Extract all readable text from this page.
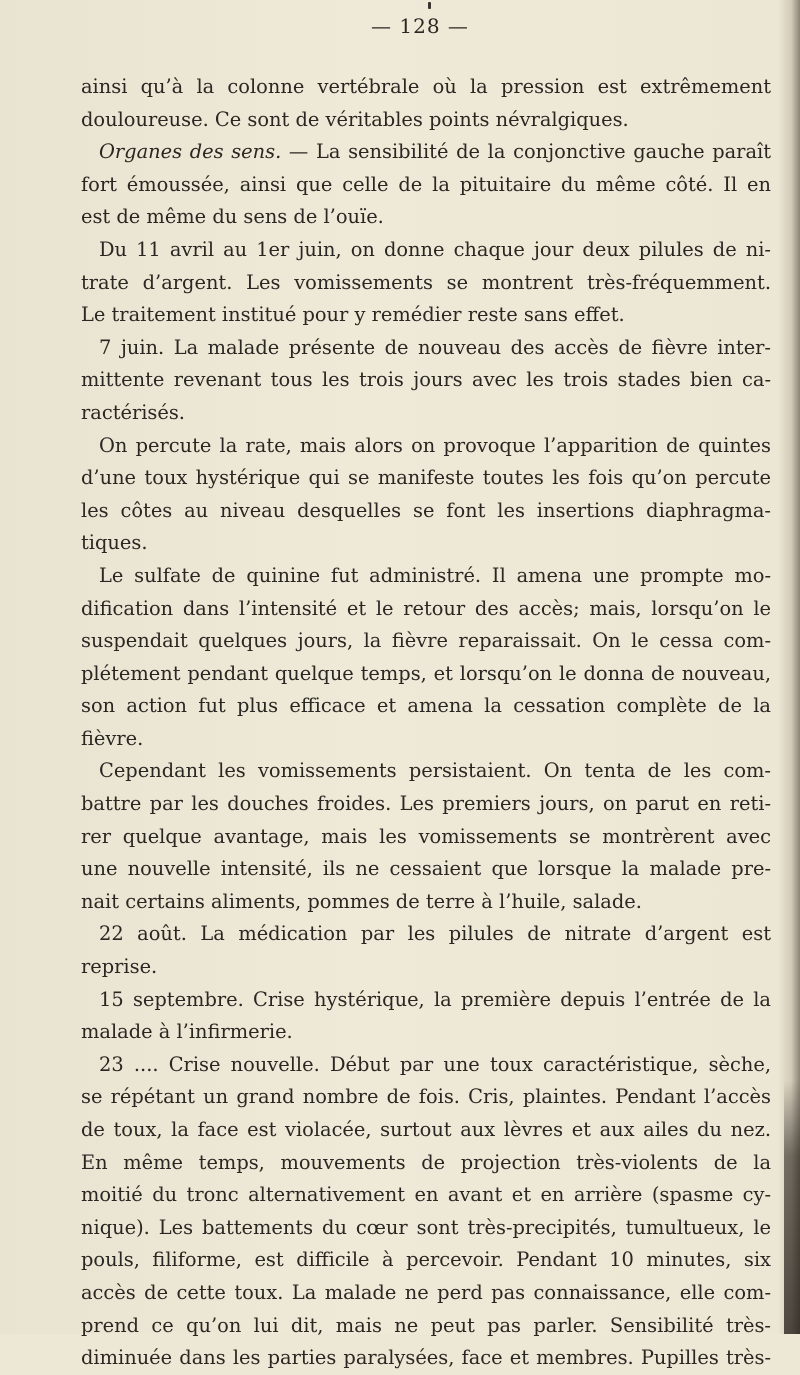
— 128 —
ainsi qu’à la colonne vertébrale où la pression est extrêmement
douloureuse. Ce sont de véritables points névralgiques.
Organes des sens. — La sensibilité de la conjonctive gauche paraît
fort émoussée, ainsi que celle de la pituitaire du même côté. Il en
est de même du sens de l’ouïe.
Du 11 avril au 1er juin, on donne chaque jour deux pilules de ni-
trate d’argent. Les vomissements se montrent très-fréquemment.
Le traitement institué pour y remédier reste sans effet.
7 juin. La malade présente de nouveau des accès de fièvre inter-
mittente revenant tous les trois jours avec les trois stades bien ca-
ractérisés.
On percute la rate, mais alors on provoque l’apparition de quintes
d’une toux hystérique qui se manifeste toutes les fois qu’on percute
les côtes au niveau desquelles se font les insertions diaphragma-
tiques.
Le sulfate de quinine fut administré. Il amena une prompte mo-
dification dans l’intensité et le retour des accès; mais, lorsqu’on le
suspendait quelques jours, la fièvre reparaissait. On le cessa com-
plétement pendant quelque temps, et lorsqu’on le donna de nouveau,
son action fut plus efficace et amena la cessation complète de la
fièvre.
Cependant les vomissements persistaient. On tenta de les com-
battre par les douches froides. Les premiers jours, on parut en reti-
rer quelque avantage, mais les vomissements se montrèrent avec
une nouvelle intensité, ils ne cessaient que lorsque la malade pre-
nait certains aliments, pommes de terre à l’huile, salade.
22 août. La médication par les pilules de nitrate d’argent est
reprise.
15 septembre. Crise hystérique, la première depuis l’entrée de la
malade à l’infirmerie.
23 .... Crise nouvelle. Début par une toux caractéristique, sèche,
se répétant un grand nombre de fois. Cris, plaintes. Pendant l’accès
de toux, la face est violacée, surtout aux lèvres et aux ailes du nez.
En même temps, mouvements de projection très-violents de la
moitié du tronc alternativement en avant et en arrière (spasme cy-
nique). Les battements du cœur sont très-precipités, tumultueux, le
pouls, filiforme, est difficile à percevoir. Pendant 10 minutes, six
accès de cette toux. La malade ne perd pas connaissance, elle com-
prend ce qu’on lui dit, mais ne peut pas parler. Sensibilité très-
diminuée dans les parties paralysées, face et membres. Pupilles très-
